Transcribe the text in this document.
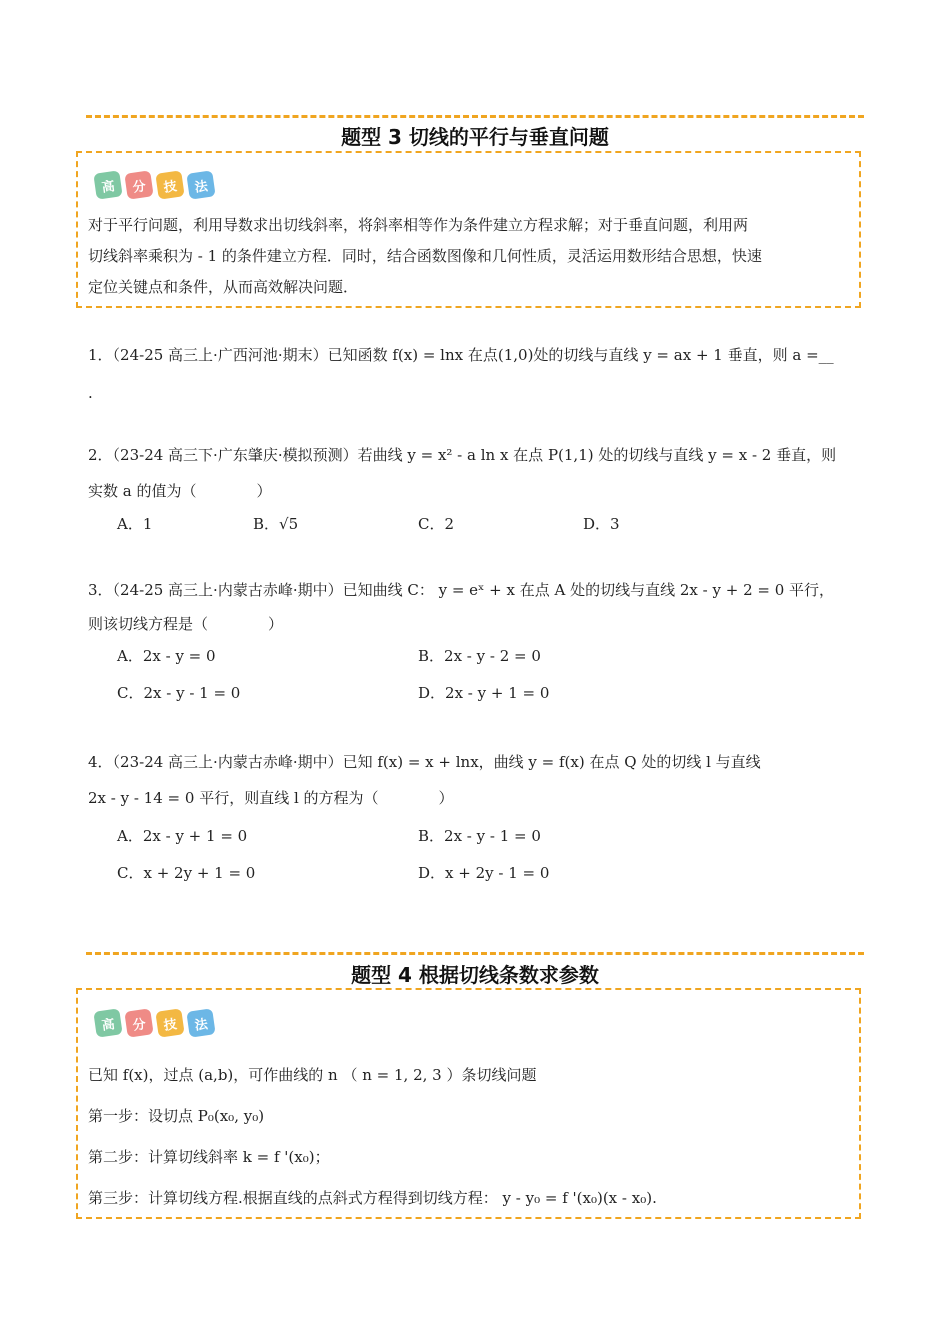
题型 3 切线的平行与垂直问题
高	分	技	法
对于平行问题，利用导数求出切线斜率，将斜率相等作为条件建立方程求解；对于垂直问题，利用两
切线斜率乘积为 - 1 的条件建立方程．同时，结合函数图像和几何性质，灵活运用数形结合思想，快速
定位关键点和条件，从而高效解决问题．
1．（24-25 高三上·广西河池·期末）已知函数 f(x) = lnx 在点(1,0)处的切线与直线 y = ax + 1 垂直，则 a =__
.
2．（23-24 高三下·广东肇庆·模拟预测）若曲线 y = x² - a ln x 在点 P(1,1) 处的切线与直线 y = x - 2 垂直，则
实数 a 的值为（　　　　）
A．1	B．√5	C．2	D．3
3．（24-25 高三上·内蒙古赤峰·期中）已知曲线 C： y = eˣ + x 在点 A 处的切线与直线 2x - y + 2 = 0 平行，
则该切线方程是（　　　　）
A．2x - y = 0	B．2x - y - 2 = 0
C．2x - y - 1 = 0	D．2x - y + 1 = 0
4．（23-24 高三上·内蒙古赤峰·期中）已知 f(x) = x + lnx，曲线 y = f(x) 在点 Q 处的切线 l 与直线
2x - y - 14 = 0 平行，则直线 l 的方程为（　　　　）
A．2x - y + 1 = 0	B．2x - y - 1 = 0
C．x + 2y + 1 = 0	D．x + 2y - 1 = 0
题型 4 根据切线条数求参数
高	分	技	法
已知 f(x)，过点 (a,b)，可作曲线的 n （ n = 1, 2, 3 ）条切线问题
第一步：设切点 P₀(x₀, y₀)
第二步：计算切线斜率 k = f '(x₀)；
第三步：计算切线方程.根据直线的点斜式方程得到切线方程： y - y₀ = f '(x₀)(x - x₀).
